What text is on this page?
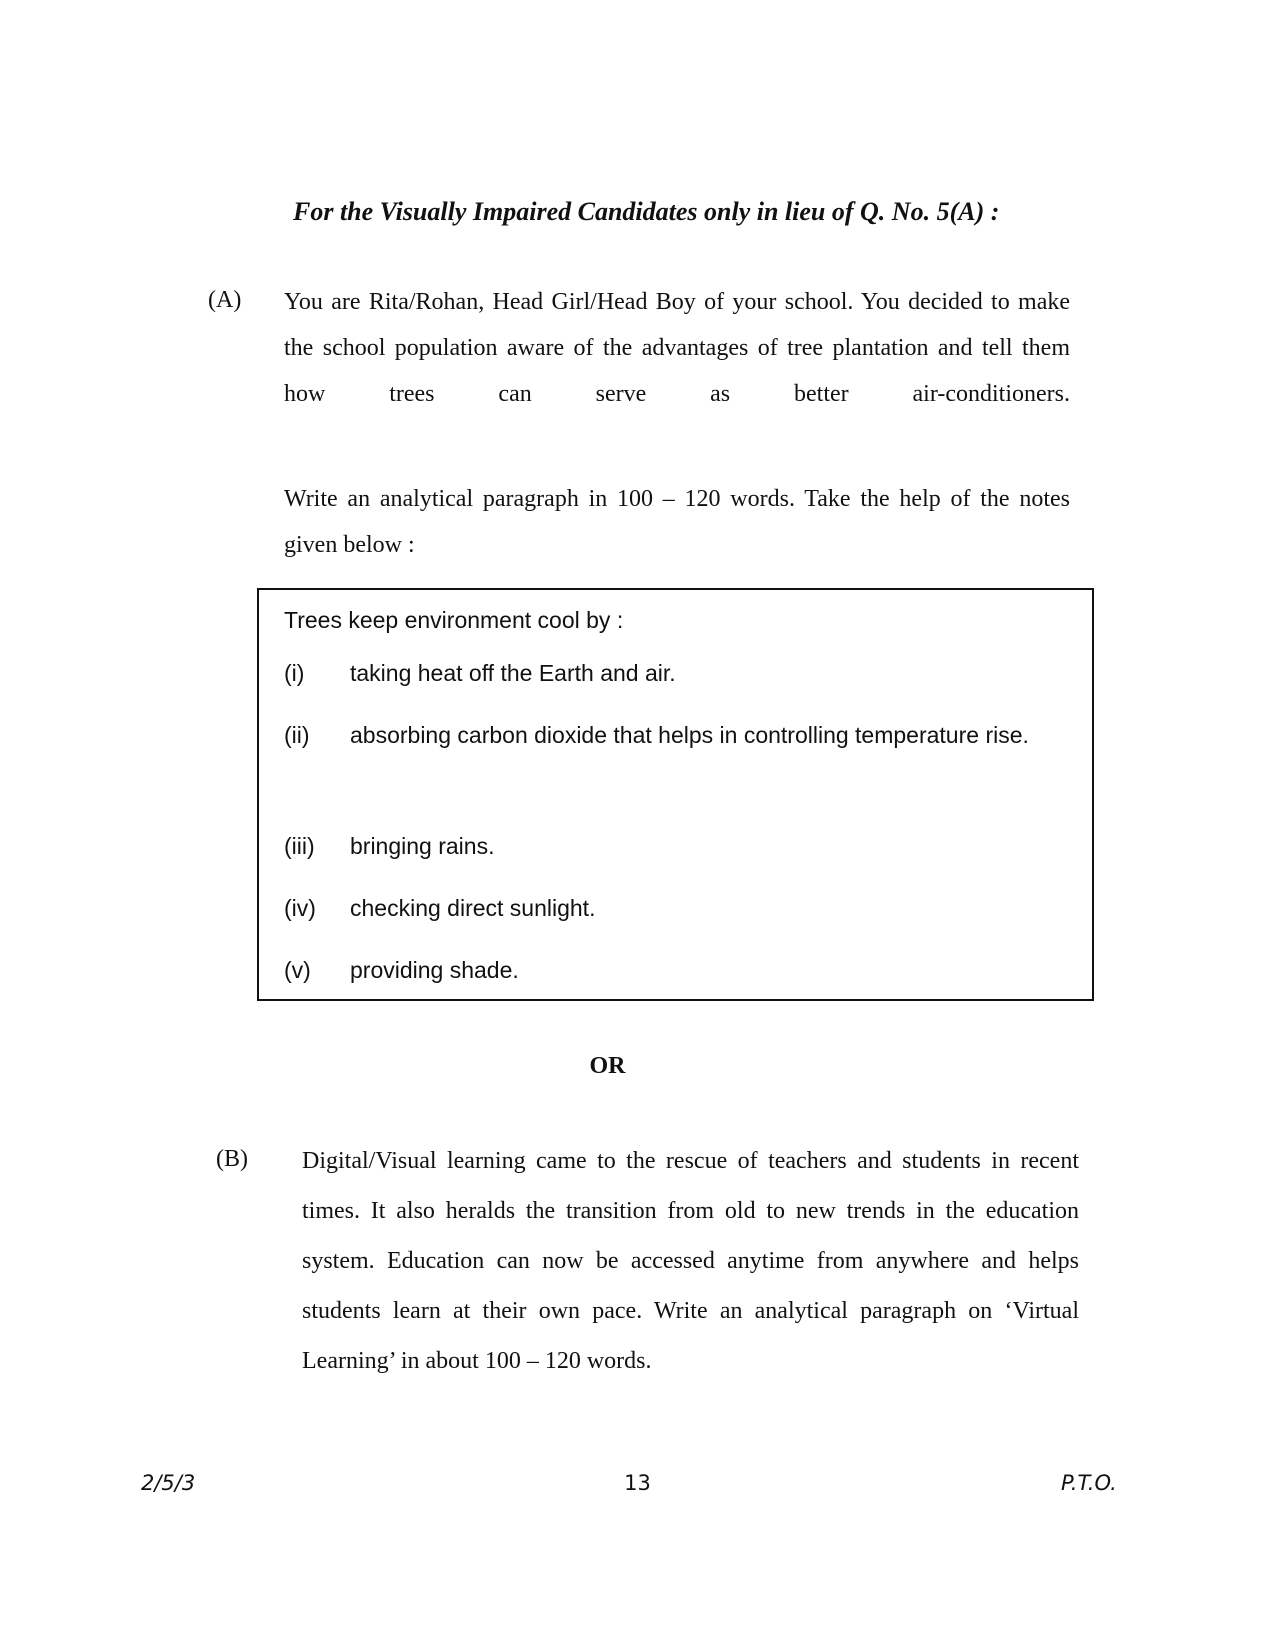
For the Visually Impaired Candidates only in lieu of Q. No. 5(A) :
(A) You are Rita/Rohan, Head Girl/Head Boy of your school. You decided to make the school population aware of the advantages of tree plantation and tell them how trees can serve as better air-conditioners.

Write an analytical paragraph in 100 – 120 words. Take the help of the notes given below :

Trees keep environment cool by :
(i) taking heat off the Earth and air.
(ii) absorbing carbon dioxide that helps in controlling temperature rise.
(iii) bringing rains.
(iv) checking direct sunlight.
(v) providing shade.
OR
(B) Digital/Visual learning came to the rescue of teachers and students in recent times. It also heralds the transition from old to new trends in the education system. Education can now be accessed anytime from anywhere and helps students learn at their own pace. Write an analytical paragraph on ‘Virtual Learning’ in about 100 – 120 words.

2/5/3	13	P.T.O.
